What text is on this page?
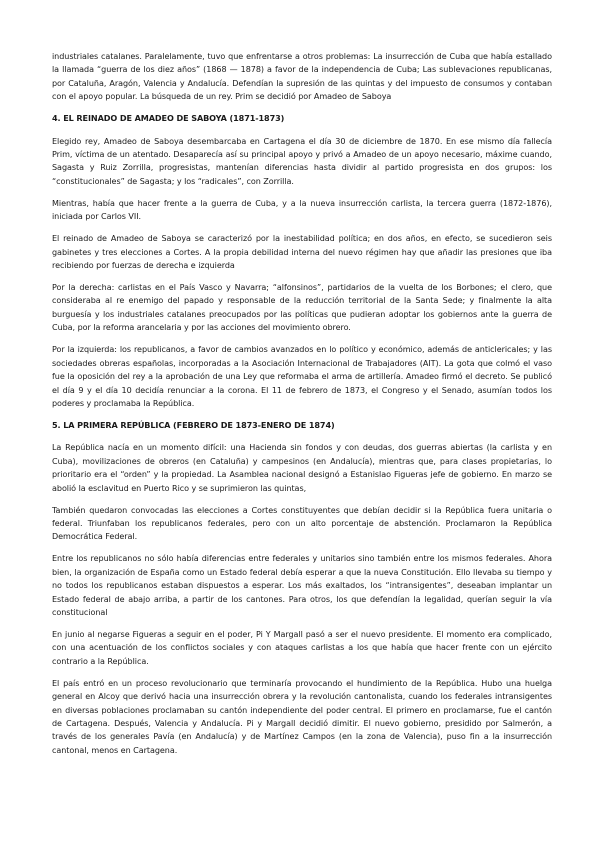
industriales catalanes. Paralelamente, tuvo que enfrentarse a otros problemas: La insurrección de Cuba que había estallado la llamada “guerra de los diez años” (1868 — 1878) a favor de la independencia de Cuba; Las sublevaciones republicanas, por Cataluña, Aragón, Valencia y Andalucía. Defendían la supresión de las quintas y del impuesto de consumos y contaban con el apoyo popular. La búsqueda de un rey. Prim se decidió por Amadeo de Saboya

4. EL REINADO DE AMADEO DE SABOYA (1871-1873)

Elegido rey, Amadeo de Saboya desembarcaba en Cartagena el día 30 de diciembre de 1870. En ese mismo día fallecía Prim, víctima de un atentado. Desaparecía así su principal apoyo y privó a Amadeo de un apoyo necesario, máxime cuando, Sagasta y Ruiz Zorrilla, progresistas, mantenían diferencias hasta dividir al partido progresista en dos grupos: los “constitucionales” de Sagasta; y los “radicales”, con Zorrilla.

Mientras, había que hacer frente a la guerra de Cuba, y a la nueva insurrección carlista, la tercera guerra (1872-1876), iniciada por Carlos VII.

El reinado de Amadeo de Saboya se caracterizó por la inestabilidad política; en dos años, en efecto, se sucedieron seis gabinetes y tres elecciones a Cortes. A la propia debilidad interna del nuevo régimen hay que añadir las presiones que iba recibiendo por fuerzas de derecha e izquierda

Por la derecha: carlistas en el País Vasco y Navarra; “alfonsinos”, partidarios de la vuelta de los Borbones; el clero, que consideraba al re enemigo del papado y responsable de la reducción territorial de la Santa Sede; y finalmente la alta burguesía y los industriales catalanes preocupados por las políticas que pudieran adoptar los gobiernos ante la guerra de Cuba, por la reforma arancelaria y por las acciones del movimiento obrero.

Por la izquierda: los republicanos, a favor de cambios avanzados en lo político y económico, además de anticlericales; y las sociedades obreras españolas, incorporadas a la Asociación Internacional de Trabajadores (AIT). La gota que colmó el vaso fue la oposición del rey a la aprobación de una Ley que reformaba el arma de artillería. Amadeo firmó el decreto. Se publicó el día 9 y el día 10 decidía renunciar a la corona. El 11 de febrero de 1873, el Congreso y el Senado, asumían todos los poderes y proclamaba la República.

5. LA PRIMERA REPÚBLICA (FEBRERO DE 1873-ENERO DE 1874)

La República nacía en un momento difícil: una Hacienda sin fondos y con deudas, dos guerras abiertas (la carlista y en Cuba), movilizaciones de obreros (en Cataluña) y campesinos (en Andalucía), mientras que, para clases propietarias, lo prioritario era el “orden” y la propiedad. La Asamblea nacional designó a Estanislao Figueras jefe de gobierno. En marzo se abolió la esclavitud en Puerto Rico y se suprimieron las quintas,

También quedaron convocadas las elecciones a Cortes constituyentes que debían decidir si la República fuera unitaria o federal. Triunfaban los republicanos federales, pero con un alto porcentaje de abstención. Proclamaron la República Democrática Federal.

Entre los republicanos no sólo había diferencias entre federales y unitarios sino también entre los mismos federales. Ahora bien, la organización de España como un Estado federal debía esperar a que la nueva Constitución. Ello llevaba su tiempo y no todos los republicanos estaban dispuestos a esperar. Los más exaltados, los “intransigentes”, deseaban implantar un Estado federal de abajo arriba, a partir de los cantones. Para otros, los que defendían la legalidad, querían seguir la vía constitucional

En junio al negarse Figueras a seguir en el poder, Pi Y Margall pasó a ser el nuevo presidente. El momento era complicado, con una acentuación de los conflictos sociales y con ataques carlistas a los que había que hacer frente con un ejército contrario a la República.

El país entró en un proceso revolucionario que terminaría provocando el hundimiento de la República. Hubo una huelga general en Alcoy que derivó hacia una insurrección obrera y la revolución cantonalista, cuando los federales intransigentes en diversas poblaciones proclamaban su cantón independiente del poder central. El primero en proclamarse, fue el cantón de Cartagena. Después, Valencia y Andalucía. Pi y Margall decidió dimitir. El nuevo gobierno, presidido por Salmerón, a través de los generales Pavía (en Andalucía) y de Martínez Campos (en la zona de Valencia), puso fin a la insurrección cantonal, menos en Cartagena.
